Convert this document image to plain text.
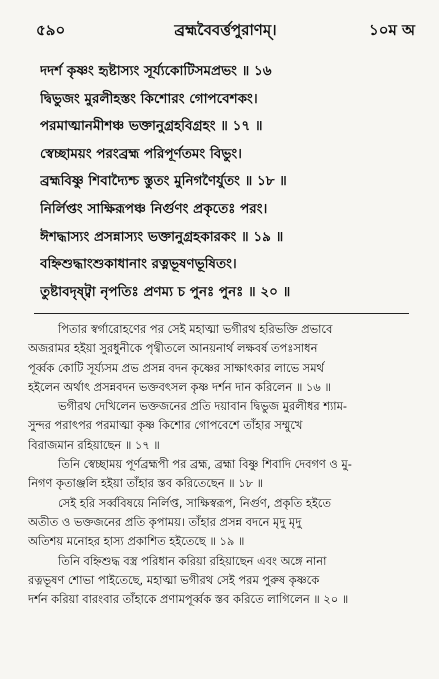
৫৯০	ব্রহ্মবৈবর্ত্তপুরাণম্।	১০ম অ
দদর্শ কৃষ্ণং হৃষ্টাস্যং সূর্য্যকোটিসমপ্রভং ॥ ১৬
দ্বিভুজং মুরলীহস্তং কিশোরং গোপবেশকং।
পরমাত্মানমীশঞ্চ ভক্তানুগ্রহবিগ্রহং ॥ ১৭ ॥
স্বেচ্ছাময়ং পরংব্রহ্ম পরিপূর্ণতমং বিভুং।
ব্রহ্মবিষ্ণু শিবাদ্যৈশ্চ স্তুতং মুনিগণৈর্যুতং ॥ ১৮ ॥
নির্লিপ্তং সাক্ষিরূপঞ্চ নির্গুণং প্রকৃতেঃ পরং।
ঈশদ্ধাস্যং প্রসন্নাস্যং ভক্তানুগ্রহকারকং ॥ ১৯ ॥
বহ্নিশুদ্ধাংশুকাধানাং রত্নভূষণভূষিতং।
তুষ্টাবদৃষ্ট্বা নৃপতিঃ প্রণম্য চ পুনঃ পুনঃ ॥ ২০ ॥

পিতার স্বর্গারোহণের পর সেই মহাত্মা ভগীরথ হরিভক্তি প্রভাবে
অজরামর হইয়া সুরধুনীকে পৃথ্বীতলে আনয়নার্থ লক্ষবর্ষ তপঃসাধন
পূর্ব্বক কোটি সূর্য্যসম প্রভ প্রসন্ন বদন কৃষ্ণের সাক্ষাৎকার লাভে সমর্থ
হইলেন অর্থাৎ প্রসন্নবদন ভক্তবৎসল কৃষ্ণ দর্শন দান করিলেন ॥ ১৬ ॥

ভগীরথ দেখিলেন ভক্তজনের প্রতি দয়াবান দ্বিভুজ মুরলীধর শ্যাম-
সুন্দর পরাৎপর পরমাত্মা কৃষ্ণ কিশোর গোপবেশে তাঁহার সম্মুখে
বিরাজমান রহিয়াছেন ॥ ১৭ ॥

তিনি স্বেচ্ছাময় পূর্ণব্রহ্মপী পর ব্রহ্ম, ব্রহ্মা বিষ্ণু শিবাদি দেবগণ ও মু-
নিগণ কৃতাঞ্জলি হইয়া তাঁহার স্তব করিতেছেন ॥ ১৮ ॥

সেই হরি সর্ব্ববিষয়ে নির্লিপ্ত, সাক্ষিস্বরূপ, নির্গুণ, প্রকৃতি হইতে
অতীত ও ভক্তজনের প্রতি কৃপাময়। তাঁহার প্রসন্ন বদনে মৃদু মৃদু
অতিশয় মনোহর হাস্য প্রকাশিত হইতেছে ॥ ১৯ ॥

তিনি বহ্নিশুদ্ধ বস্ত্র পরিধান করিয়া রহিয়াছেন এবং অঙ্গে নানা
রত্নভূষণ শোভা পাইতেছে, মহাত্মা ভগীরথ সেই পরম পুরুষ কৃষ্ণকে
দর্শন করিয়া বারংবার তাঁহাকে প্রণামপূর্ব্বক স্তব করিতে লাগিলেন ॥ ২০ ॥
